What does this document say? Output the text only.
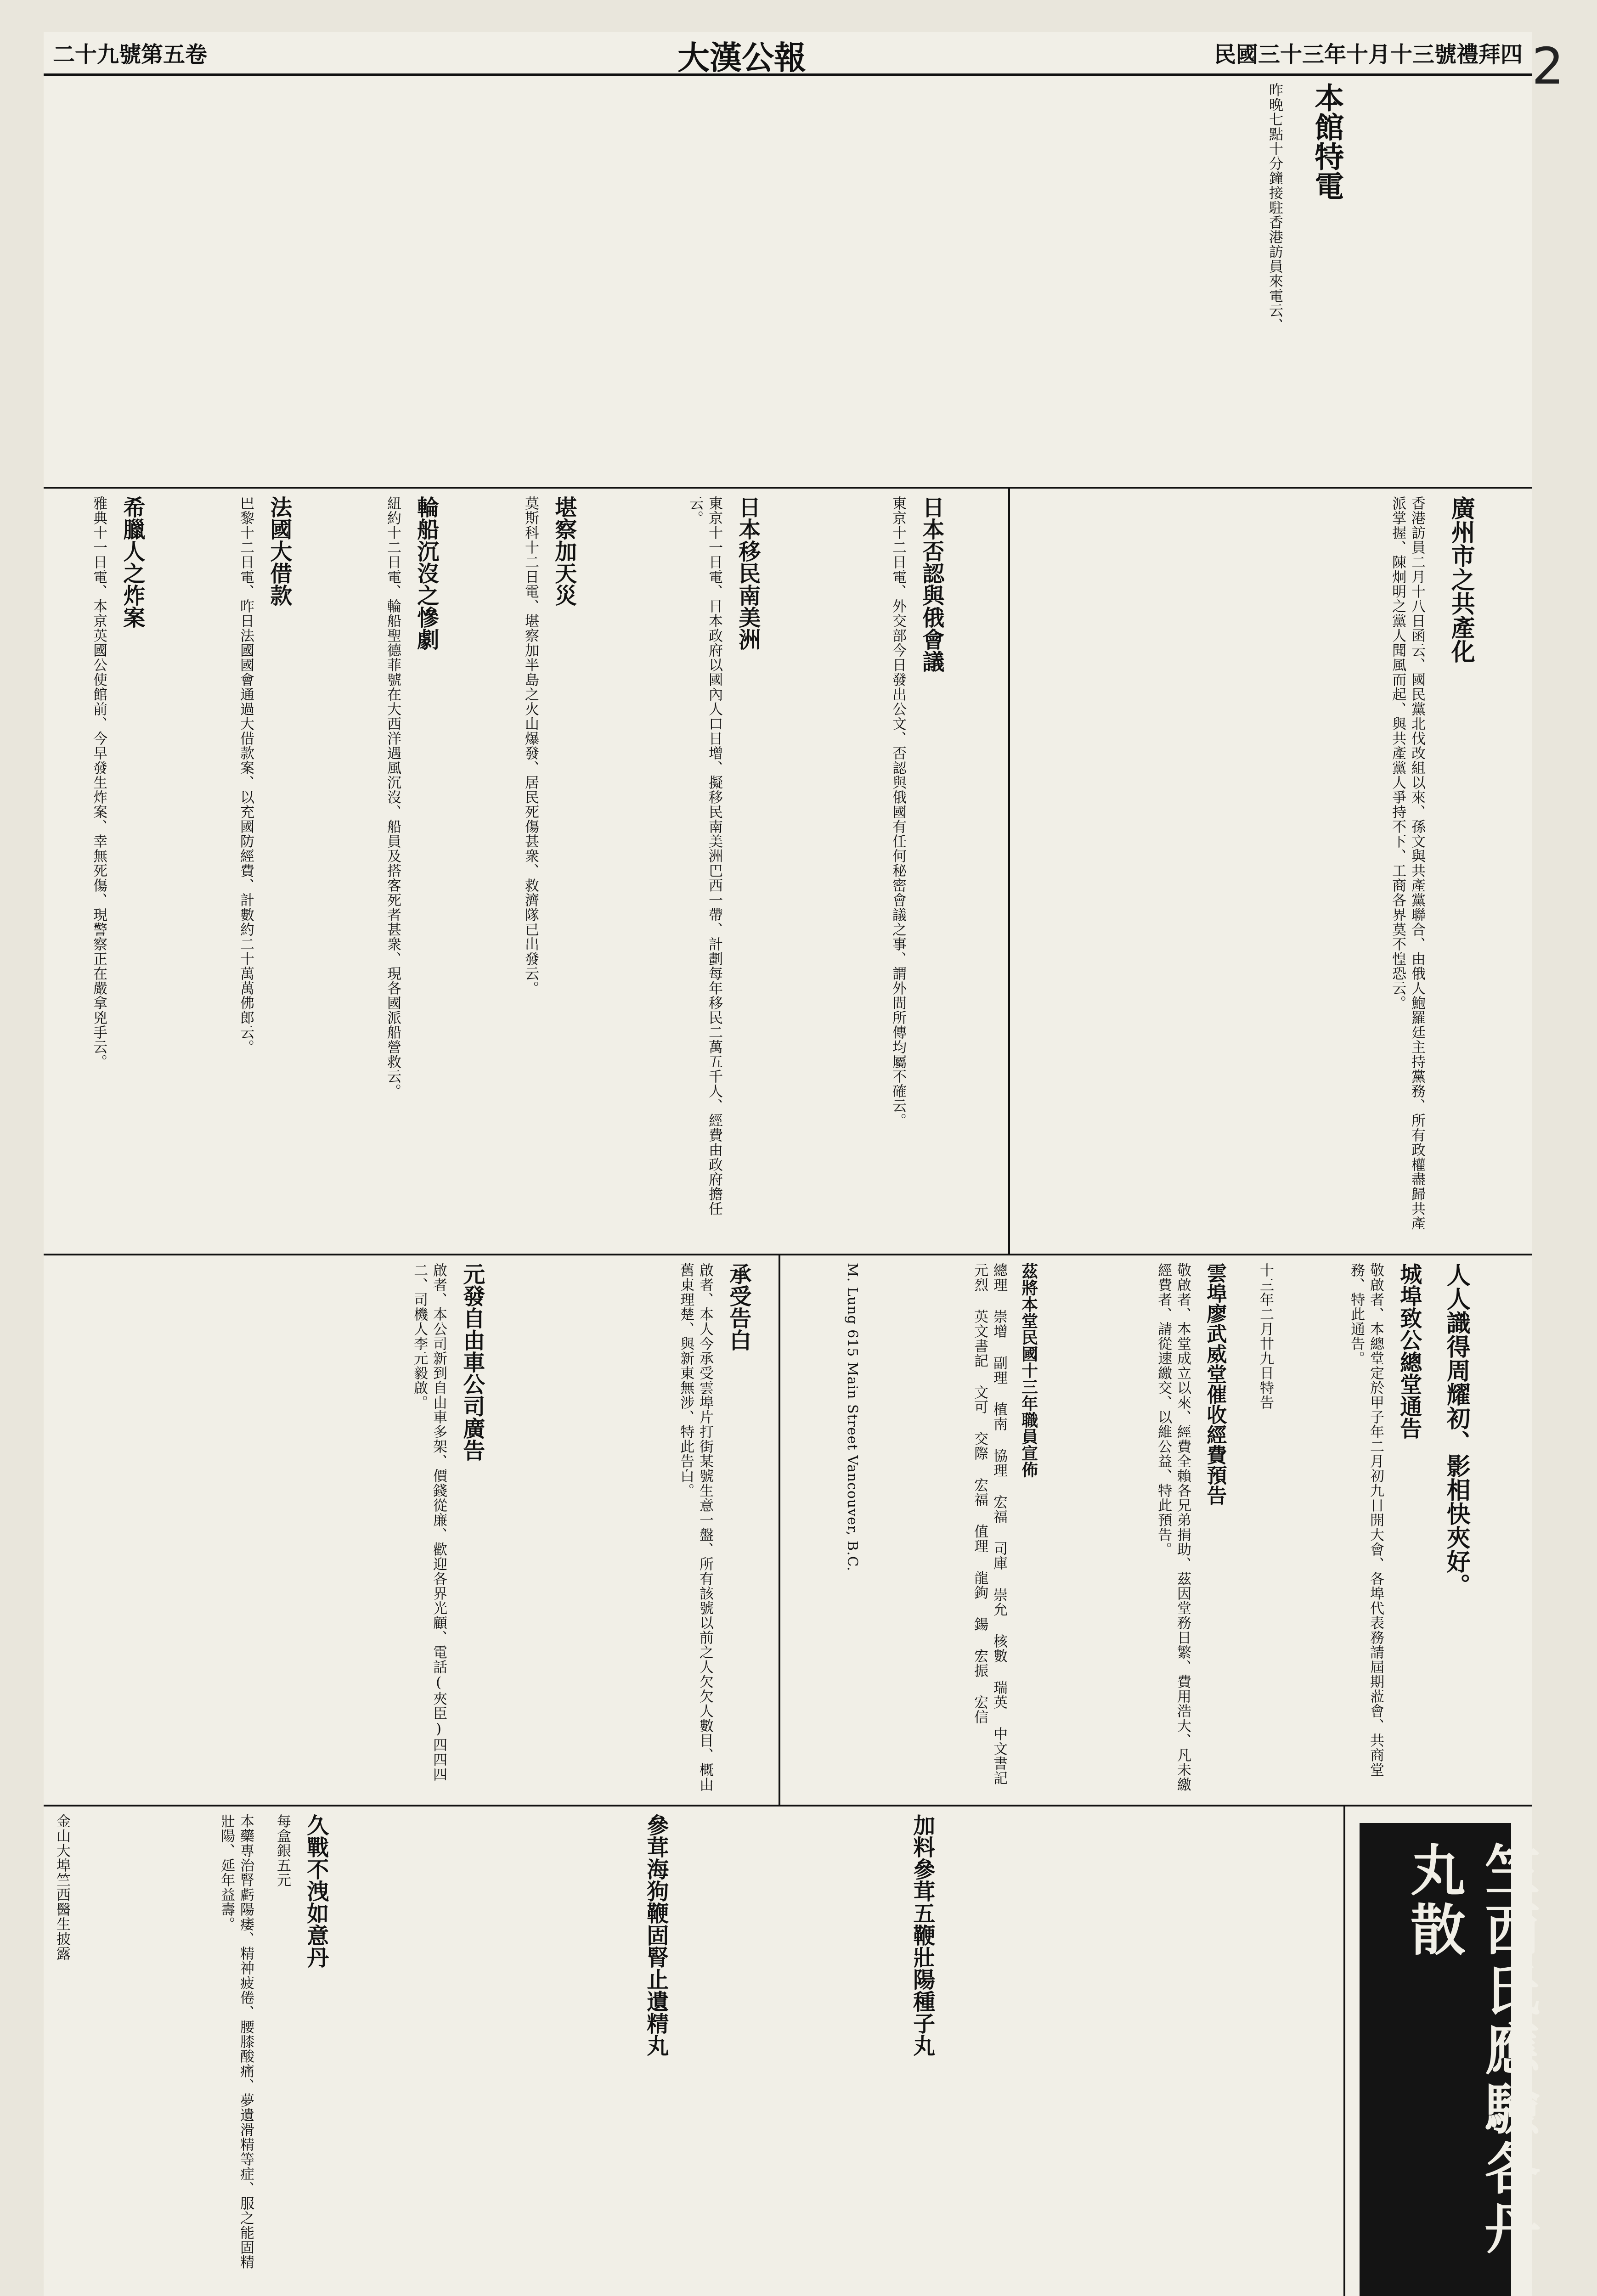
民國三十三年十月十三號禮拜四
大漢公報
二十九號第五卷	2
本館特電
昨晚七點十分鐘接駐香港訪員來電云、
廣州市之共產化
香港訪員二月十八日函云、國民黨北伐改組以來、孫文與共產黨聯合、由俄人鮑羅廷主持黨務、所有政權盡歸共產派掌握、陳炯明之黨人聞風而起、與共產黨人爭持不下、工商各界莫不惶恐云。
日本否認與俄會議
東京十二日電、外交部今日發出公文、否認與俄國有任何秘密會議之事、謂外間所傳均屬不確云。
日本移民南美洲
東京十一日電、日本政府以國內人口日增、擬移民南美洲巴西一帶、計劃每年移民二萬五千人、經費由政府擔任云。
堪察加天災
莫斯科十二日電、堪察加半島之火山爆發、居民死傷甚衆、救濟隊已出發云。
輪船沉沒之慘劇
紐約十二日電、輪船聖德菲號在大西洋遇風沉沒、船員及搭客死者甚衆、現各國派船營救云。
法國大借款
巴黎十二日電、昨日法國國會通過大借款案、以充國防經費、計數約二十萬萬佛郎云。
希臘人之炸案
雅典十一日電、本京英國公使館前、今早發生炸案、幸無死傷、現警察正在嚴拿兇手云。
人人識得周耀初、影相快夾好。
城埠致公總堂通告
敬啟者、本總堂定於甲子年二月初九日開大會、各埠代表務請屆期蒞會、共商堂務、特此通告。
十三年二月廿九日特告
雲埠廖武威堂催收經費預告
敬啟者、本堂成立以來、經費全賴各兄弟捐助、茲因堂務日繁、費用浩大、凡未繳經費者、請從速繳交、以維公益、特此預告。
茲將本堂民國十三年職員宣佈
總理 崇增 副理 植南 協理 宏福 司庫 崇允 核數 瑞英 中文書記 元烈 英文書記 文可 交際 宏福 值理 龍鉤 鍚 宏振 宏信
M. Lung 615 Main Street Vancouver, B.C.
承受告白
啟者、本人今承受雲埠片打街某號生意一盤、所有該號以前之人欠欠人數目、概由舊東理楚、與新東無涉、特此告白。
元發自由車公司廣告
啟者、本公司新到自由車多架、價錢從廉、歡迎各界光顧、電話(夾臣)四四四二、司機人李元毅啟。
加料參茸五鞭壯陽種子丸
參茸海狗鞭固腎止遺精丸
久戰不洩如意丹
每盒銀五元
本藥專治腎虧陽痿、精神疲倦、腰膝酸痛、夢遺滑精等症、服之能固精壯陽、延年益壽。
金山大埠竺西醫生披露	竺西氏應驗各丹丸散
